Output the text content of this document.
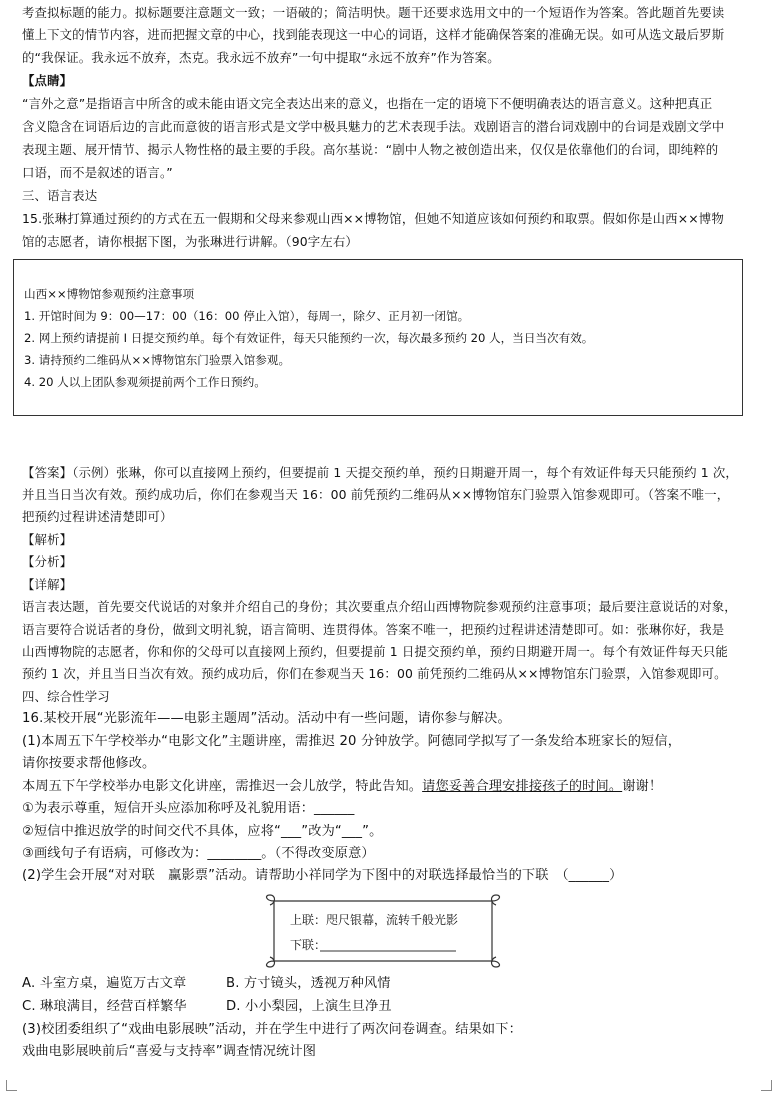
考查拟标题的能力。拟标题要注意题文一致；一语破的；简洁明快。题干还要求选用文中的一个短语作为答案。答此题首先要读
懂上下文的情节内容，进而把握文章的中心，找到能表现这一中心的词语，这样才能确保答案的准确无误。如可从选文最后罗斯
的“我保证。我永远不放弃，杰克。我永远不放弃”一句中提取“永远不放弃”作为答案。
【点睛】
“言外之意”是指语言中所含的或未能由语文完全表达出来的意义，也指在一定的语境下不便明确表达的语言意义。这种把真正
含义隐含在词语后边的言此而意彼的语言形式是文学中极具魅力的艺术表现手法。戏剧语言的潜台词戏剧中的台词是戏剧文学中
表现主题、展开情节、揭示人物性格的最主要的手段。高尔基说：“剧中人物之被创造出来，仅仅是依靠他们的台词，即纯粹的
口语，而不是叙述的语言。”
三、语言表达
15.张琳打算通过预约的方式在五一假期和父母来参观山西××博物馆，但她不知道应该如何预约和取票。假如你是山西××博物
馆的志愿者，请你根据下图，为张琳进行讲解。（90字左右）
山西××博物馆参观预约注意事项
1. 开馆时间为 9：00—17：00（16：00 停止入馆），每周一，除夕、正月初一闭馆。
2. 网上预约请提前 I 日提交预约单。每个有效证件，每天只能预约一次，每次最多预约 20 人，当日当次有效。
3. 请持预约二维码从××博物馆东门验票入馆参观。
4. 20 人以上团队参观须提前两个工作日预约。
【答案】（示例）张琳，你可以直接网上预约，但要提前 1 天提交预约单，预约日期避开周一，每个有效证件每天只能预约 1 次，
并且当日当次有效。预约成功后，你们在参观当天 16：00 前凭预约二维码从××博物馆东门验票入馆参观即可。（答案不唯一，
把预约过程讲述清楚即可）
【解析】
【分析】
【详解】
语言表达题，首先要交代说话的对象并介绍自己的身份；其次要重点介绍山西博物院参观预约注意事项；最后要注意说话的对象，
语言要符合说话者的身份，做到文明礼貌，语言简明、连贯得体。答案不唯一，把预约过程讲述清楚即可。如：张琳你好，我是
山西博物院的志愿者，你和你的父母可以直接网上预约，但要提前 1 日提交预约单，预约日期避开周一。每个有效证件每天只能
预约 1 次，并且当日当次有效。预约成功后，你们在参观当天 16：00 前凭预约二维码从××博物馆东门验票，入馆参观即可。
四、综合性学习
16.某校开展“光影流年——电影主题周”活动。活动中有一些问题，请你参与解决。
(1)本周五下午学校举办“电影文化”主题讲座，需推迟 20 分钟放学。阿德同学拟写了一条发给本班家长的短信，
请你按要求帮他修改。
本周五下午学校举办电影文化讲座，需推迟一会儿放学，特此告知。请您妥善合理安排接孩子的时间。谢谢！
①为表示尊重，短信开头应添加称呼及礼貌用语：______
②短信中推迟放学的时间交代不具体，应将“___”改为“___”。
③画线句子有语病，可修改为：________。（不得改变原意）
(2)学生会开展“对对联　赢影票”活动。请帮助小祥同学为下图中的对联选择最恰当的下联　（______）
上联：咫尺银幕，流转千般光影
下联：
A. 斗室方桌，遍览万古文章	B. 方寸镜头，透视万种风情
C. 琳琅满目，经营百样繁华	D. 小小梨园，上演生旦净丑
(3)校团委组织了“戏曲电影展映”活动，并在学生中进行了两次问卷调查。结果如下：
戏曲电影展映前后“喜爱与支持率”调查情况统计图
